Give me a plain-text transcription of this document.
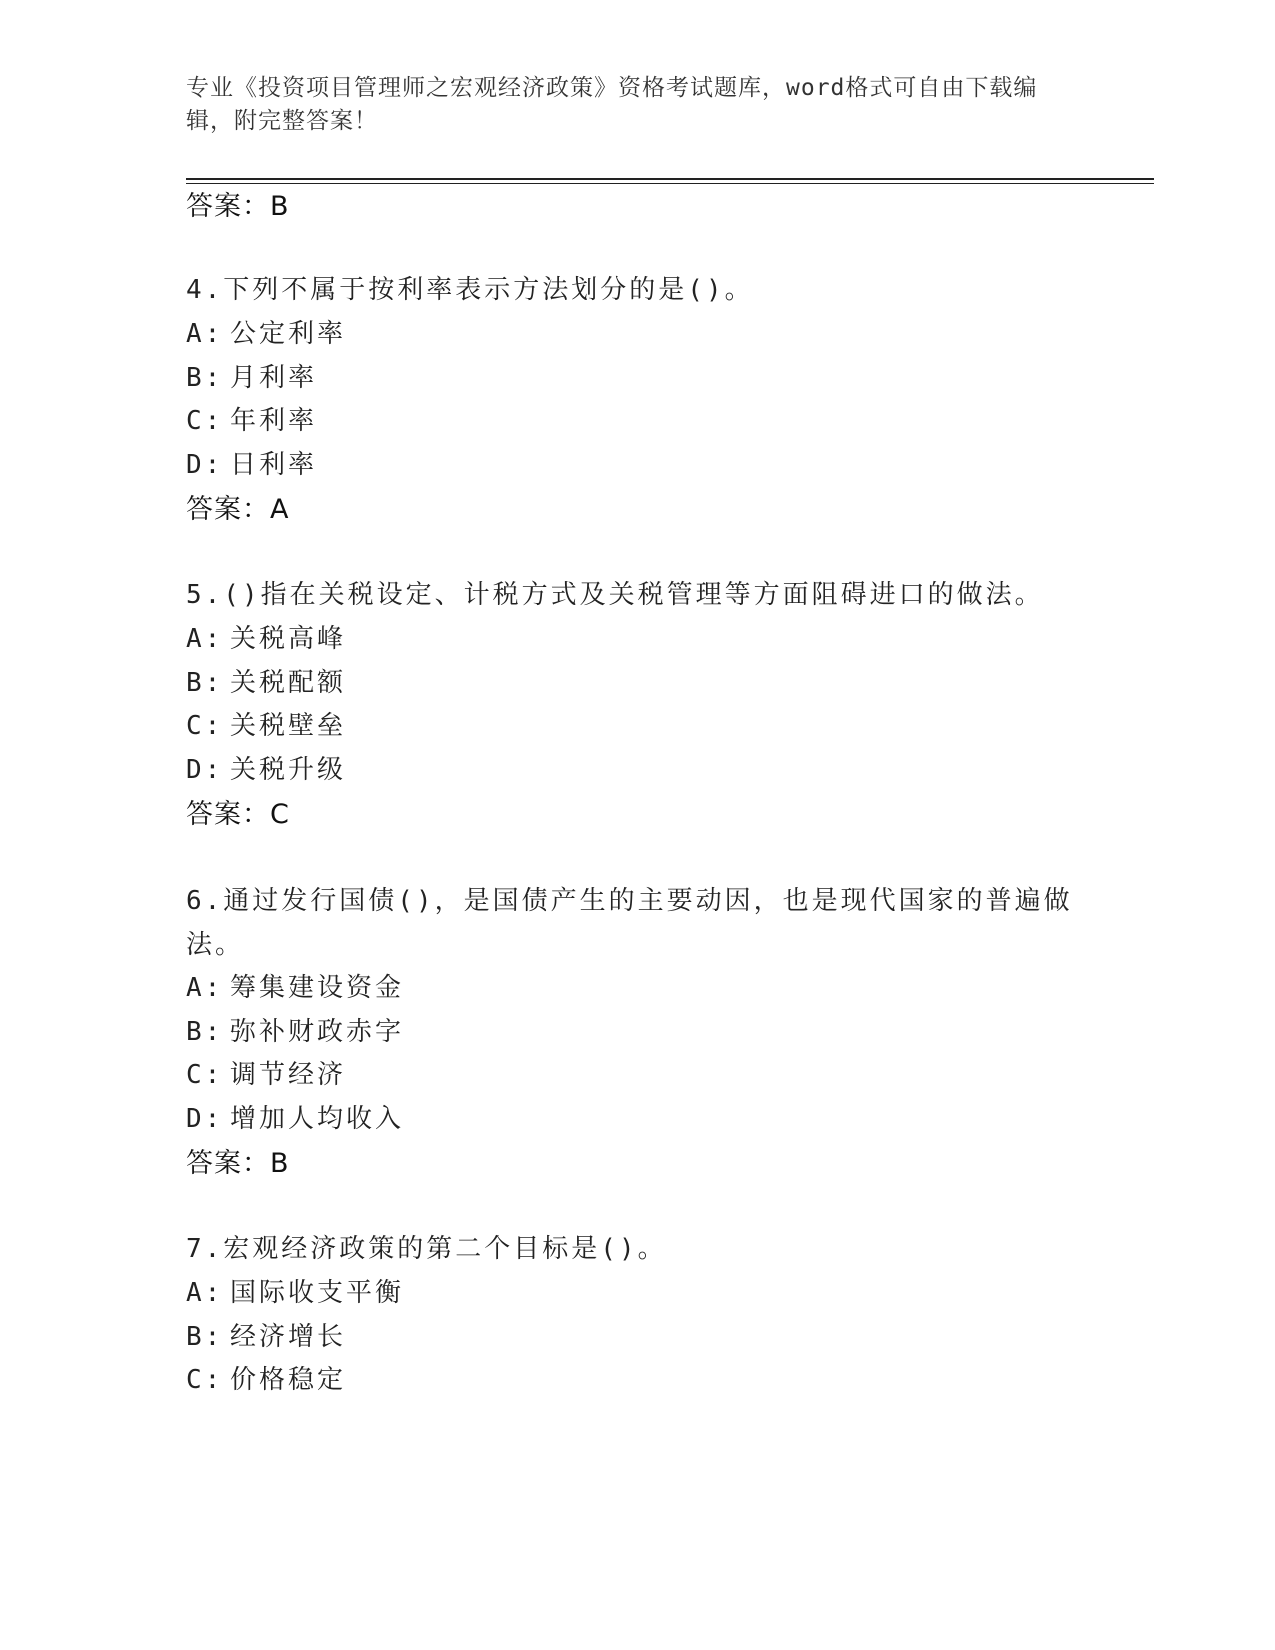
专业《投资项目管理师之宏观经济政策》资格考试题库，word格式可自由下载编
辑，附完整答案！
答案：B
4.下列不属于按利率表示方法划分的是()。
A: 公定利率
B: 月利率
C: 年利率
D: 日利率
答案：A
5.()指在关税设定、计税方式及关税管理等方面阻碍进口的做法。
A: 关税高峰
B: 关税配额
C: 关税壁垒
D: 关税升级
答案：C
6.通过发行国债()，是国债产生的主要动因，也是现代国家的普遍做
法。
A: 筹集建设资金
B: 弥补财政赤字
C: 调节经济
D: 增加人均收入
答案：B
7.宏观经济政策的第二个目标是()。
A: 国际收支平衡
B: 经济增长
C: 价格稳定
